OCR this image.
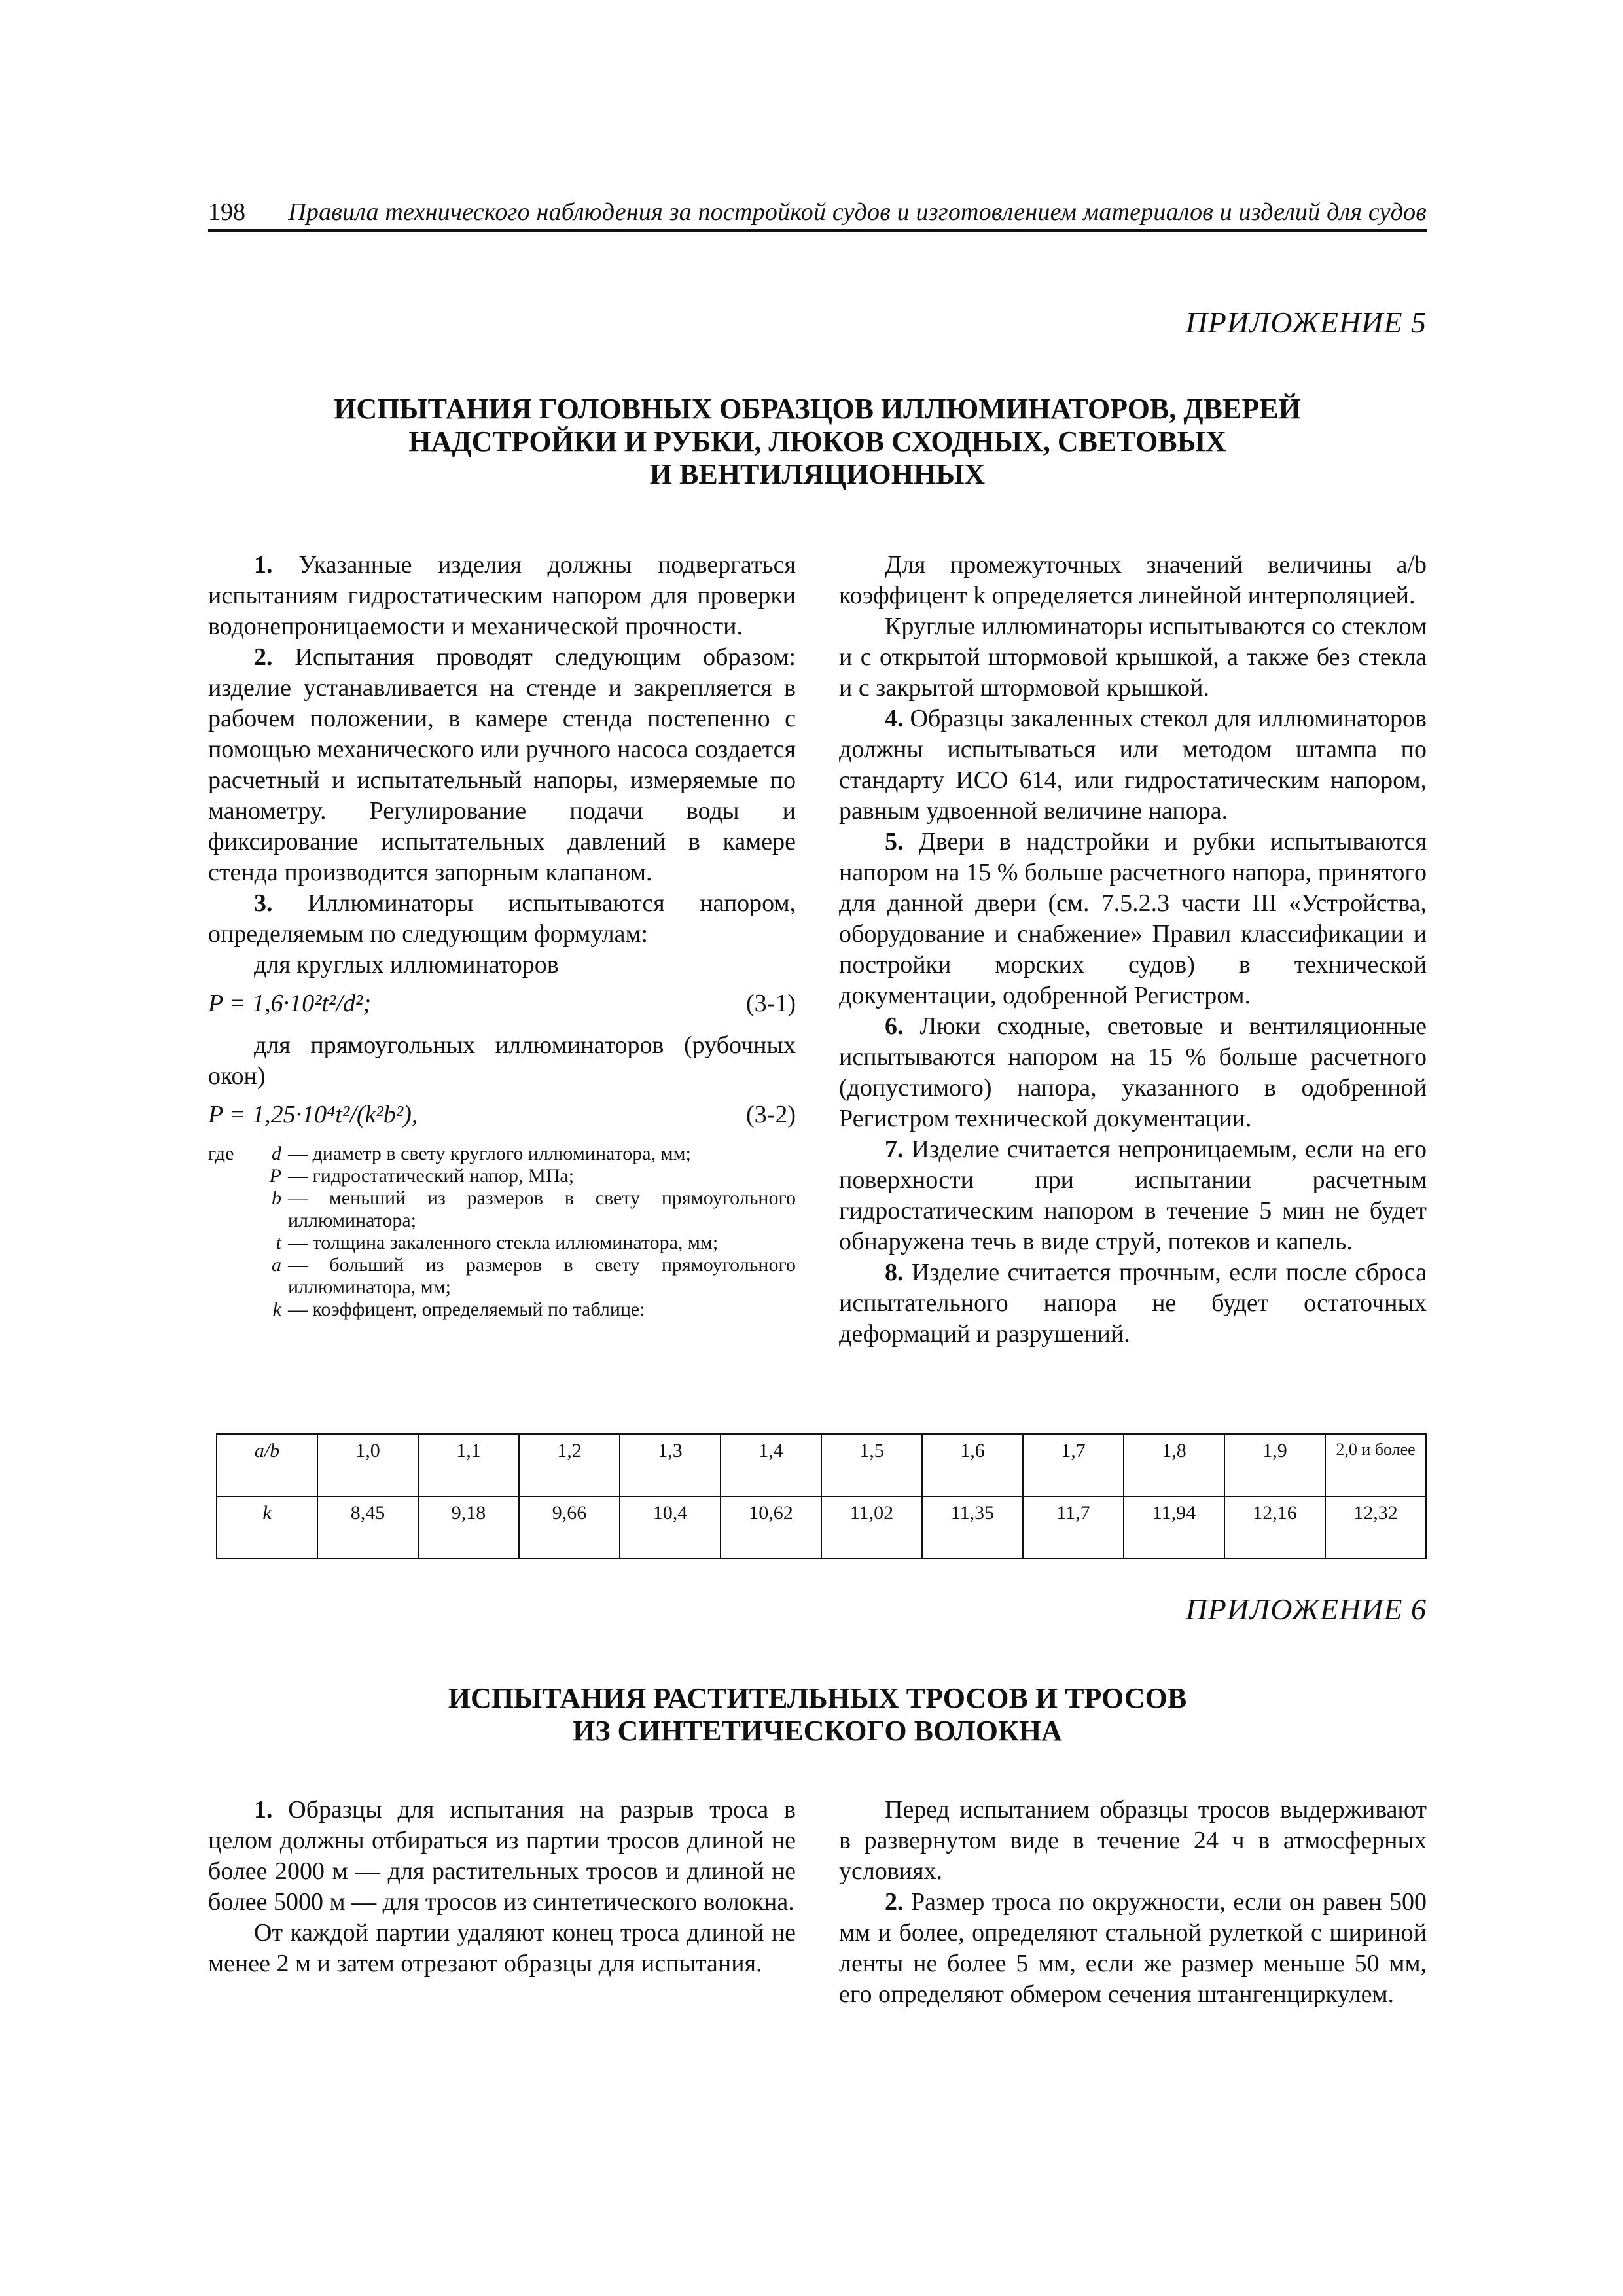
198 Правила технического наблюдения за постройкой судов и изготовлением материалов и изделий для судов
ПРИЛОЖЕНИЕ 5
ИСПЫТАНИЯ ГОЛОВНЫХ ОБРАЗЦОВ ИЛЛЮМИНАТОРОВ, ДВЕРЕЙ
НАДСТРОЙКИ И РУБКИ, ЛЮКОВ СХОДНЫХ, СВЕТОВЫХ
И ВЕНТИЛЯЦИОННЫХ

1. Указанные изделия должны подвергаться испытаниям гидростатическим напором для проверки водонепроницаемости и механической прочности.

2. Испытания проводят следующим образом: изделие устанавливается на стенде и закрепляется в рабочем положении, в камере стенда постепенно с помощью механического или ручного насоса создается расчетный и испытательный напоры, измеряемые по манометру. Регулирование подачи воды и фиксирование испытательных давлений в камере стенда производится запорным клапаном.

3. Иллюминаторы испытываются напором, определяемым по следующим формулам:

для круглых иллюминаторов

P = 1,6·10²t²/d²;	(3-1)

для прямоугольных иллюминаторов (рубочных окон)

P = 1,25·10⁴t²/(k²b²),	(3-2)
где	d — диаметр в свету круглого иллюминатора, мм;
P — гидростатический напор, МПа;
b — меньший из размеров в свету прямоугольного иллюминатора;
t — толщина закаленного стекла иллюминатора, мм;
a — больший из размеров в свету прямоугольного иллюминатора, мм;
k — коэффицент, определяемый по таблице:

Для промежуточных значений величины a/b коэффицент k определяется линейной интерполяцией.

Круглые иллюминаторы испытываются со стеклом и с открытой штормовой крышкой, а также без стекла и с закрытой штормовой крышкой.

4. Образцы закаленных стекол для иллюминаторов должны испытываться или методом штампа по стандарту ИСО 614, или гидростатическим напором, равным удвоенной величине напора.

5. Двери в надстройки и рубки испытываются напором на 15 % больше расчетного напора, принятого для данной двери (см. 7.5.2.3 части III «Устройства, оборудование и снабжение» Правил классификации и постройки морских судов) в технической документации, одобренной Регистром.

6. Люки сходные, световые и вентиляционные испытываются напором на 15 % больше расчетного (допустимого) напора, указанного в одобренной Регистром технической документации.

7. Изделие считается непроницаемым, если на его поверхности при испытании расчетным гидростатическим напором в течение 5 мин не будет обнаружена течь в виде струй, потеков и капель.

8. Изделие считается прочным, если после сброса испытательного напора не будет остаточных деформаций и разрушений.

a/b	1,0	1,1	1,2	1,3	1,4	1,5	1,6	1,7	1,8	1,9	2,0 и более
k	8,45	9,18	9,66	10,4	10,62	11,02	11,35	11,7	11,94	12,16	12,32
ПРИЛОЖЕНИЕ 6
ИСПЫТАНИЯ РАСТИТЕЛЬНЫХ ТРОСОВ И ТРОСОВ
ИЗ СИНТЕТИЧЕСКОГО ВОЛОКНА

1. Образцы для испытания на разрыв троса в целом должны отбираться из партии тросов длиной не более 2000 м — для растительных тросов и длиной не более 5000 м — для тросов из синтетического волокна.

От каждой партии удаляют конец троса длиной не менее 2 м и затем отрезают образцы для испытания.

Перед испытанием образцы тросов выдерживают в развернутом виде в течение 24 ч в атмосферных условиях.

2. Размер троса по окружности, если он равен 500 мм и более, определяют стальной рулеткой с шириной ленты не более 5 мм, если же размер меньше 50 мм, его определяют обмером сечения штангенциркулем.
